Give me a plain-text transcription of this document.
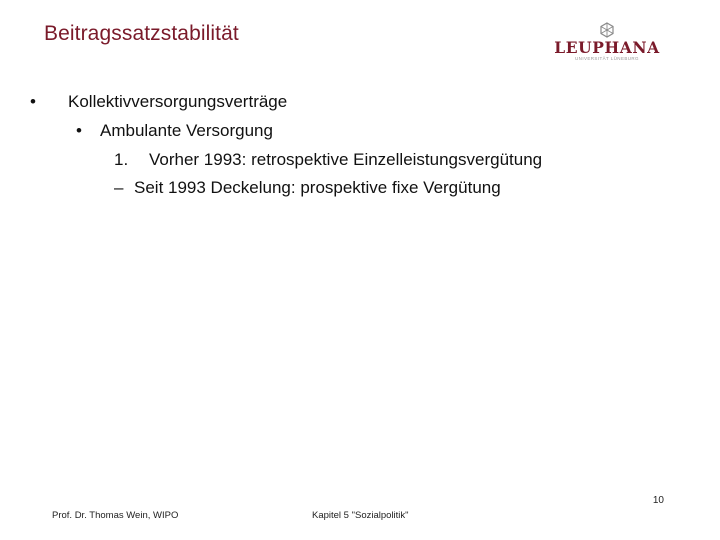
Beitragssatzstabilität
LEUPHANA
UNIVERSITÄT LÜNEBURG
• Kollektivversorgungsverträge
• Ambulante Versorgung
1. Vorher 1993: retrospektive Einzelleistungsvergütung
– Seit 1993 Deckelung: prospektive fixe Vergütung
10
Prof. Dr. Thomas Wein, WIPO	Kapitel 5 "Sozialpolitik"
